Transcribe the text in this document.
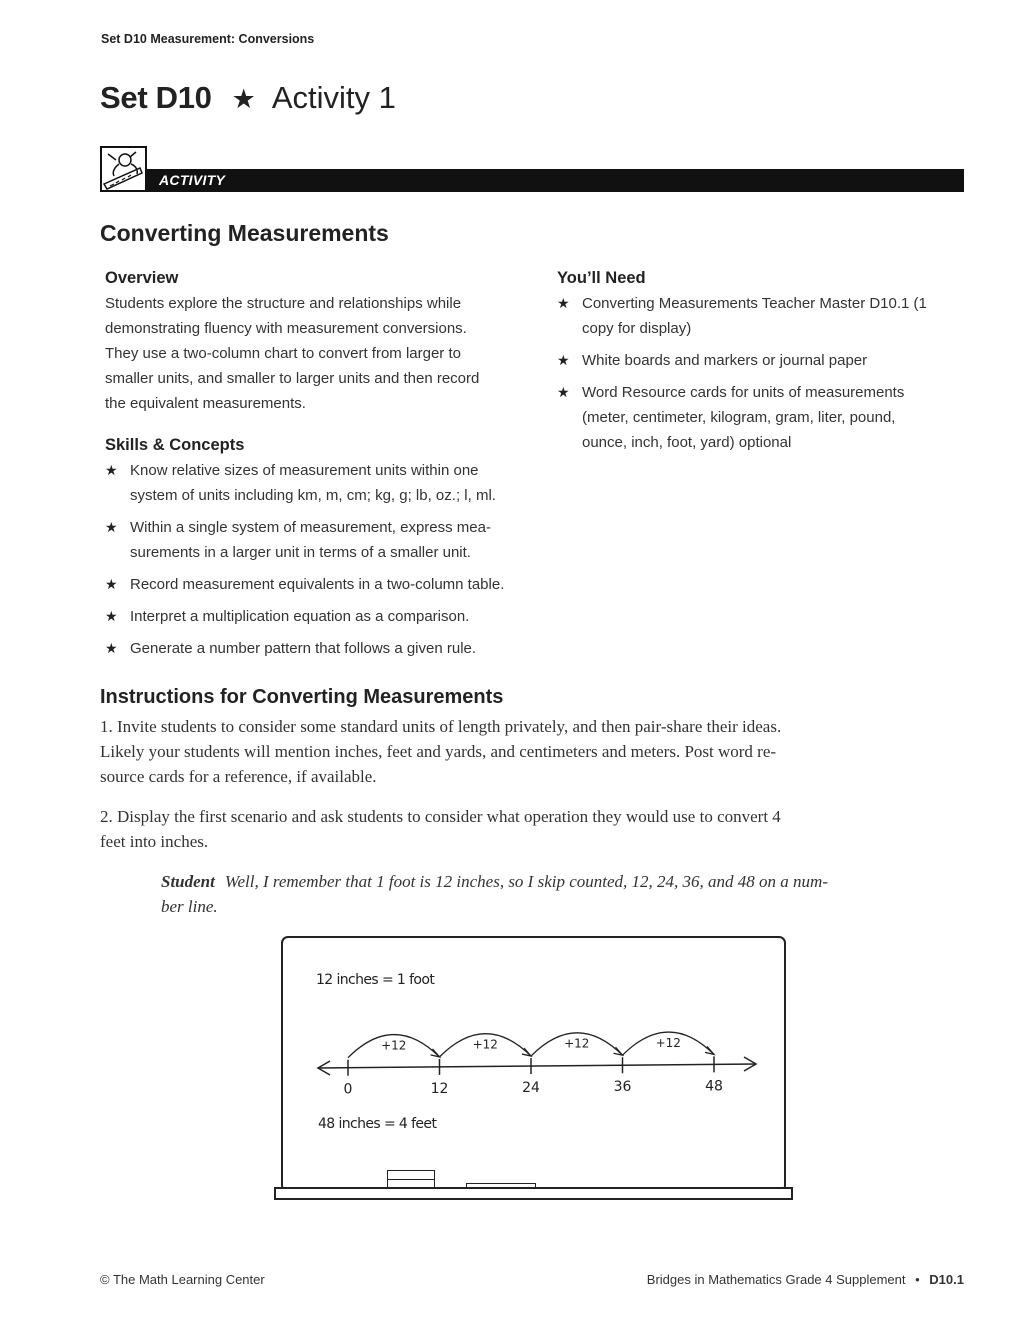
Set D10 Measurement: Conversions
Set D10 ★ Activity 1
ACTIVITY
Converting Measurements
Overview
Students explore the structure and relationships while
demonstrating fluency with measurement conversions.
They use a two-column chart to convert from larger to
smaller units, and smaller to larger units and then record
the equivalent measurements.
Skills & Concepts
★ Know relative sizes of measurement units within one
system of units including km, m, cm; kg, g; lb, oz.; l, ml.
★ Within a single system of measurement, express mea-
surements in a larger unit in terms of a smaller unit.
★ Record measurement equivalents in a two-column table.
★ Interpret a multiplication equation as a comparison.
★ Generate a number pattern that follows a given rule.
You’ll Need
★ Converting Measurements Teacher Master D10.1 (1
copy for display)
★ White boards and markers or journal paper
★ Word Resource cards for units of measurements
(meter, centimeter, kilogram, gram, liter, pound,
ounce, inch, foot, yard) optional
Instructions for Converting Measurements
1. Invite students to consider some standard units of length privately, and then pair-share their ideas.
Likely your students will mention inches, feet and yards, and centimeters and meters. Post word re-
source cards for a reference, if available.
2. Display the first scenario and ask students to consider what operation they would use to convert 4
feet into inches.
Student Well, I remember that 1 foot is 12 inches, so I skip counted, 12, 24, 36, and 48 on a num-
ber line.
12 inches = 1 foot
48 inches = 4 feet
0	12	24	36	48
+12	+12	+12	+12
© The Math Learning Center	Bridges in Mathematics Grade 4 Supplement • D10.1
